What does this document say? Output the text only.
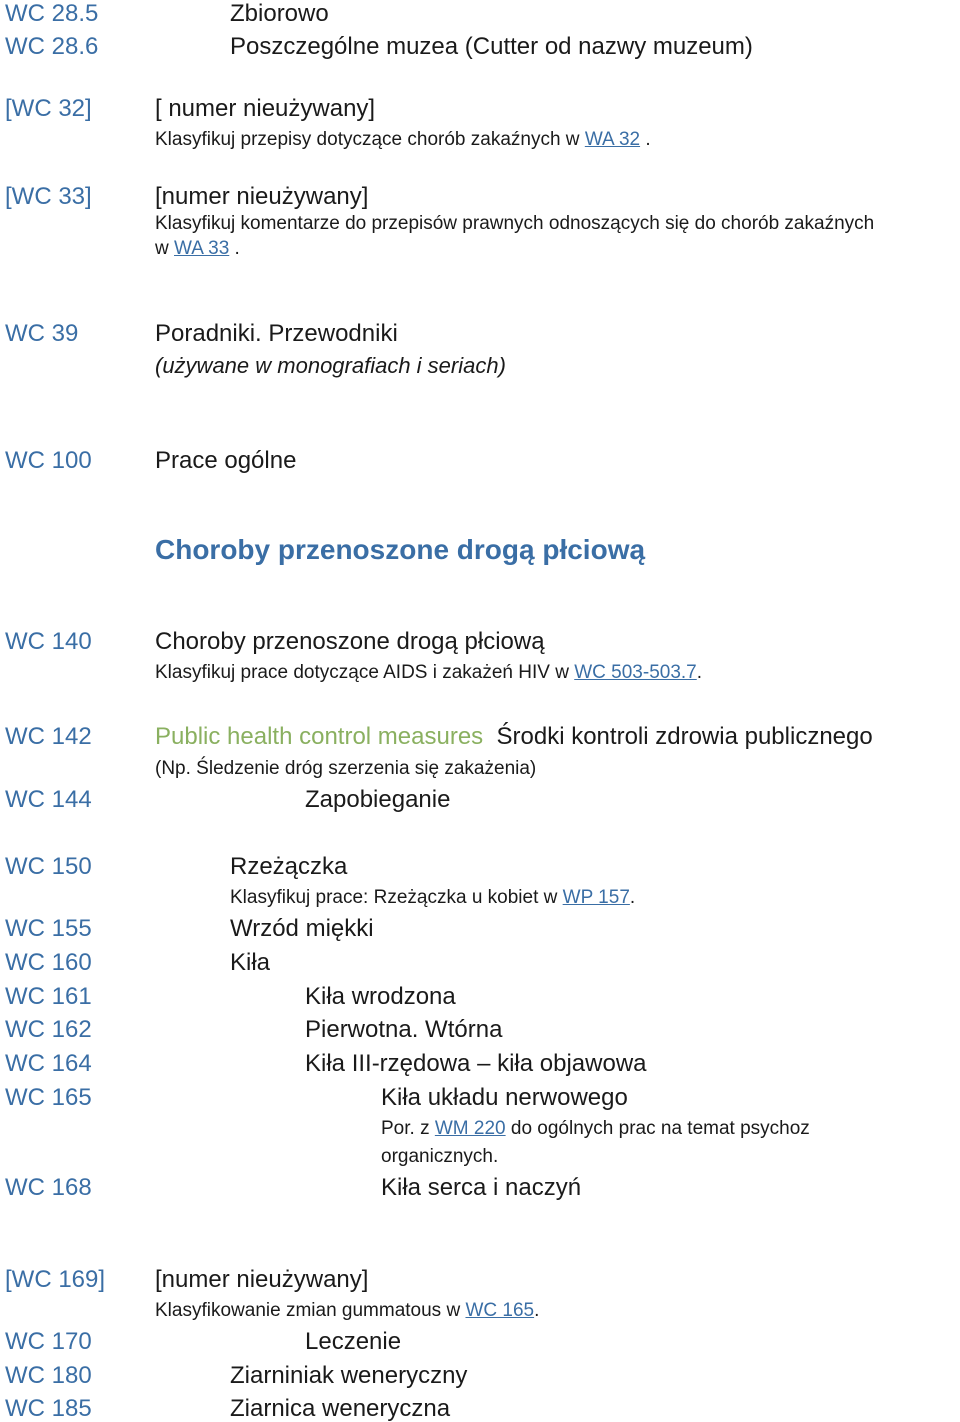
WC 28.5	Zbiorowo
WC 28.6	Poszczególne muzea (Cutter od nazwy muzeum)
[WC 32]	[ numer nieużywany]
Klasyfikuj przepisy dotyczące chorób zakaźnych w WA 32 .
[WC 33]	[numer nieużywany]
Klasyfikuj komentarze do przepisów prawnych odnoszących się do chorób zakaźnych
w WA 33 .
WC 39	Poradniki. Przewodniki
(używane w monografiach i seriach)
WC 100	Prace ogólne
Choroby przenoszone drogą płciową
WC 140	Choroby przenoszone drogą płciową
Klasyfikuj prace dotyczące AIDS i zakażeń HIV w WC 503-503.7.
WC 142	Public health control measures Środki kontroli zdrowia publicznego
(Np. Śledzenie dróg szerzenia się zakażenia)
WC 144	Zapobieganie
WC 150	Rzeżączka
Klasyfikuj prace: Rzeżączka u kobiet w WP 157.
WC 155	Wrzód miękki
WC 160	Kiła
WC 161	Kiła wrodzona
WC 162	Pierwotna. Wtórna
WC 164	Kiła III-rzędowa – kiła objawowa
WC 165	Kiła układu nerwowego
Por. z WM 220 do ogólnych prac na temat psychoz
organicznych.
WC 168	Kiła serca i naczyń
[WC 169] [numer nieużywany]
Klasyfikowanie zmian gummatous w WC 165.
WC 170	Leczenie
WC 180	Ziarniniak weneryczny
WC 185	Ziarnica weneryczna
